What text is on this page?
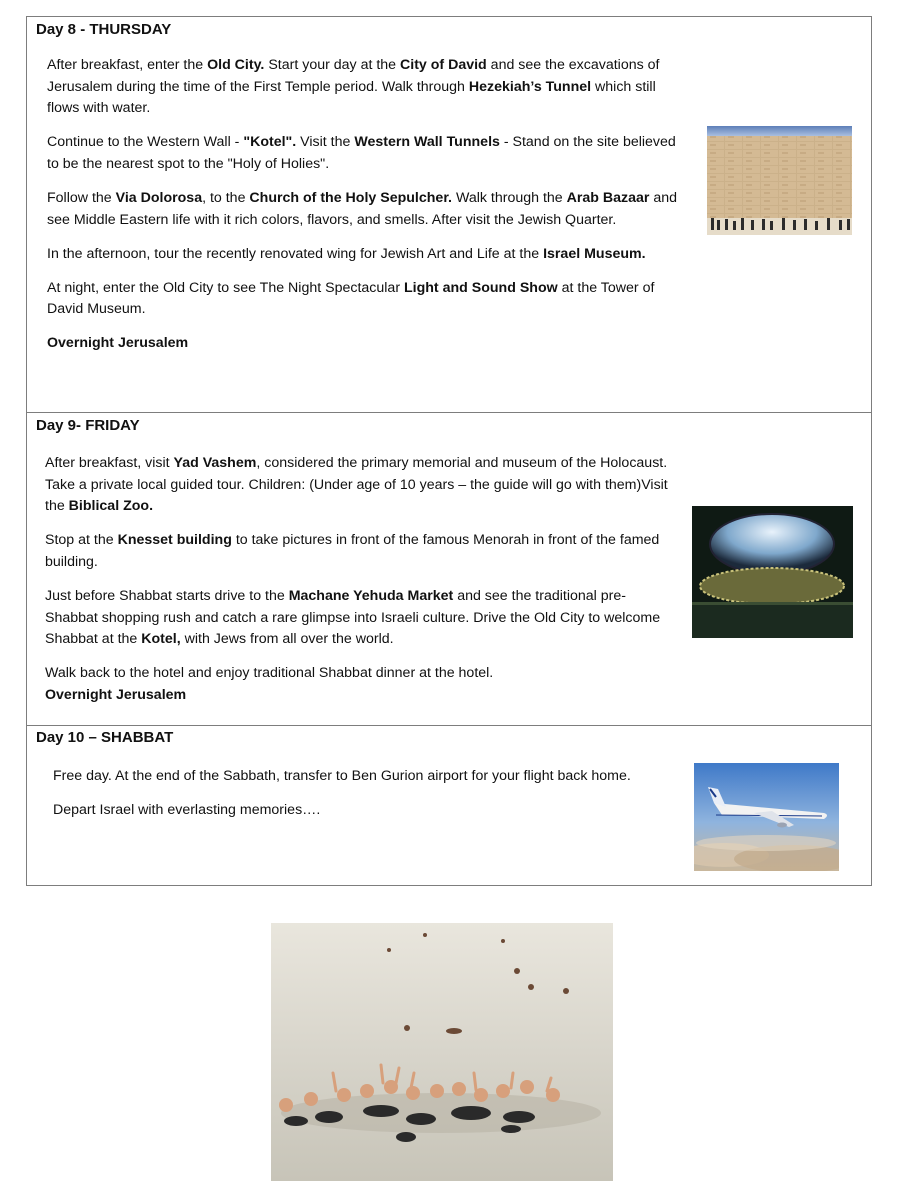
Day 8 - THURSDAY

After breakfast, enter the Old City. Start your day at the City of David and see the excavations of Jerusalem during the time of the First Temple period. Walk through Hezekiah’s Tunnel which still flows with water.

Continue to the Western Wall - "Kotel". Visit the Western Wall Tunnels - Stand on the site believed to be the nearest spot to the "Holy of Holies".

Follow the Via Dolorosa, to the Church of the Holy Sepulcher. Walk through the Arab Bazaar and see Middle Eastern life with it rich colors, flavors, and smells. After visit the Jewish Quarter.

In the afternoon, tour the recently renovated wing for Jewish Art and Life at the Israel Museum.

At night, enter the Old City to see The Night Spectacular Light and Sound Show at the Tower of David Museum.

Overnight Jerusalem

Day 9- FRIDAY

After breakfast, visit Yad Vashem, considered the primary memorial and museum of the Holocaust. Take a private local guided tour. Children: (Under age of 10 years – the guide will go with them)Visit the Biblical Zoo.

Stop at the Knesset building to take pictures in front of the famous Menorah in front of the famed building.

Just before Shabbat starts drive to the Machane Yehuda Market and see the traditional pre-Shabbat shopping rush and catch a rare glimpse into Israeli culture. Drive the Old City to welcome Shabbat at the Kotel, with Jews from all over the world.

Walk back to the hotel and enjoy traditional Shabbat dinner at the hotel.

Overnight Jerusalem

Day 10 – SHABBAT

Free day. At the end of the Sabbath, transfer to Ben Gurion airport for your flight back home.

Depart Israel with everlasting memories….
